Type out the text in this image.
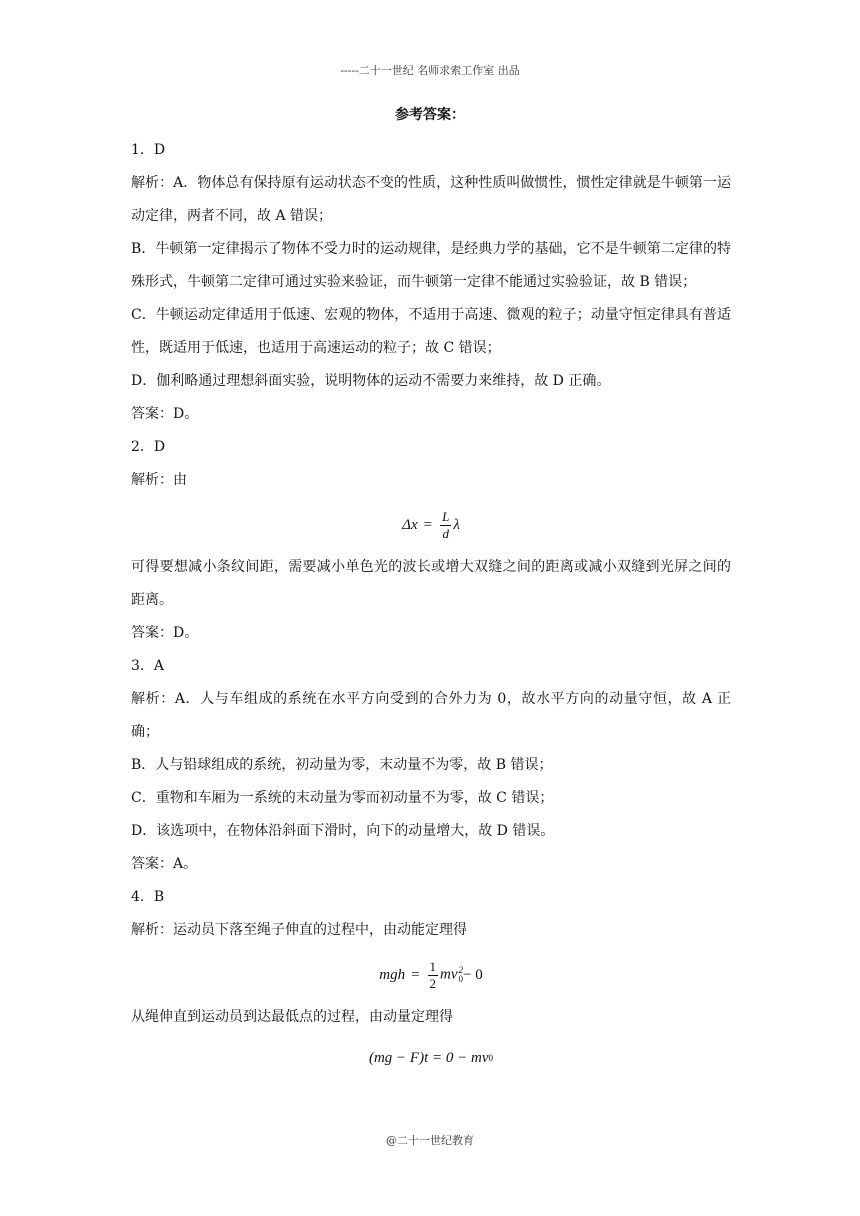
-----二十一世纪 名师求索工作室 出品
参考答案：

1．D

解析：A．物体总有保持原有运动状态不变的性质，这种性质叫做惯性，惯性定律就是牛顿第一运动定律，两者不同，故 A 错误；

B．牛顿第一定律揭示了物体不受力时的运动规律，是经典力学的基础，它不是牛顿第二定律的特殊形式，牛顿第二定律可通过实验来验证，而牛顿第一定律不能通过实验验证，故 B 错误；

C．牛顿运动定律适用于低速、宏观的物体，不适用于高速、微观的粒子；动量守恒定律具有普适性，既适用于低速，也适用于高速运动的粒子；故 C 错误；

D．伽利略通过理想斜面实验，说明物体的运动不需要力来维持，故 D 正确。

答案：D。

2．D

解析：由

$\Delta x = \frac{L}{d}$ λ

可得要想减小条纹间距，需要减小单色光的波长或增大双缝之间的距离或减小双缝到光屏之间的距离。

答案：D。

3．A

解析：A．人与车组成的系统在水平方向受到的合外力为 0，故水平方向的动量守恒，故 A 正确；

B．人与铅球组成的系统，初动量为零，末动量不为零，故 B 错误；

C．重物和车厢为一系统的末动量为零而初动量不为零，故 C 错误；

D．该选项中，在物体沿斜面下滑时，向下的动量增大，故 D 错误。

答案：A。

4．B

解析：运动员下落至绳子伸直的过程中，由动能定理得

mgh = $\frac{1}{2}$ mv 2
0 − 0

从绳伸直到运动员到达最低点的过程，由动量定理得

(mg − F)t = 0 − mv 0
@二十一世纪教育
